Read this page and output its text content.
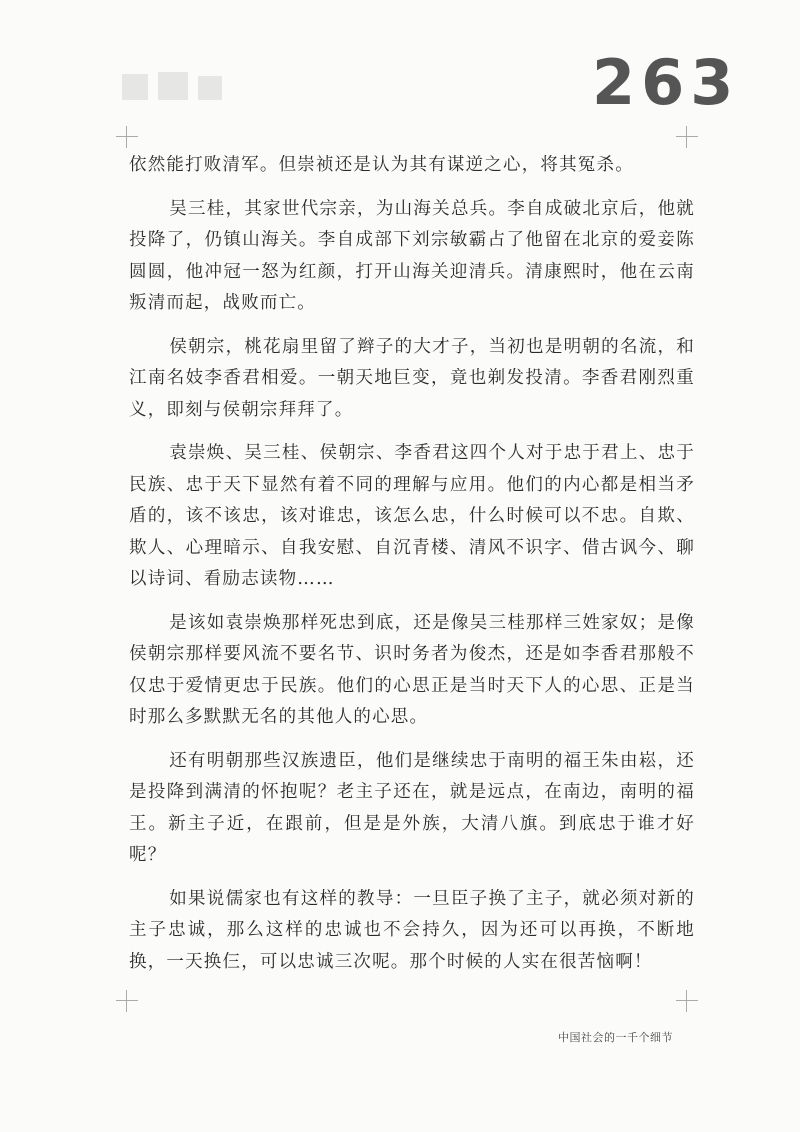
263

依然能打败清军。但崇祯还是认为其有谋逆之心，将其冤杀。

吴三桂，其家世代宗亲，为山海关总兵。李自成破北京后，他就投降了，仍镇山海关。李自成部下刘宗敏霸占了他留在北京的爱妾陈圆圆，他冲冠一怒为红颜，打开山海关迎清兵。清康熙时，他在云南叛清而起，战败而亡。

侯朝宗，桃花扇里留了辫子的大才子，当初也是明朝的名流，和江南名妓李香君相爱。一朝天地巨变，竟也剃发投清。李香君刚烈重义，即刻与侯朝宗拜拜了。

袁崇焕、吴三桂、侯朝宗、李香君这四个人对于忠于君上、忠于民族、忠于天下显然有着不同的理解与应用。他们的内心都是相当矛盾的，该不该忠，该对谁忠，该怎么忠，什么时候可以不忠。自欺、欺人、心理暗示、自我安慰、自沉青楼、清风不识字、借古讽今、聊以诗词、看励志读物……

是该如袁崇焕那样死忠到底，还是像吴三桂那样三姓家奴；是像侯朝宗那样要风流不要名节、识时务者为俊杰，还是如李香君那般不仅忠于爱情更忠于民族。他们的心思正是当时天下人的心思、正是当时那么多默默无名的其他人的心思。

还有明朝那些汉族遗臣，他们是继续忠于南明的福王朱由崧，还是投降到满清的怀抱呢？老主子还在，就是远点，在南边，南明的福王。新主子近，在跟前，但是是外族，大清八旗。到底忠于谁才好呢？

如果说儒家也有这样的教导：一旦臣子换了主子，就必须对新的主子忠诚，那么这样的忠诚也不会持久，因为还可以再换，不断地换，一天换仨，可以忠诚三次呢。那个时候的人实在很苦恼啊！

中国社会的一千个细节
